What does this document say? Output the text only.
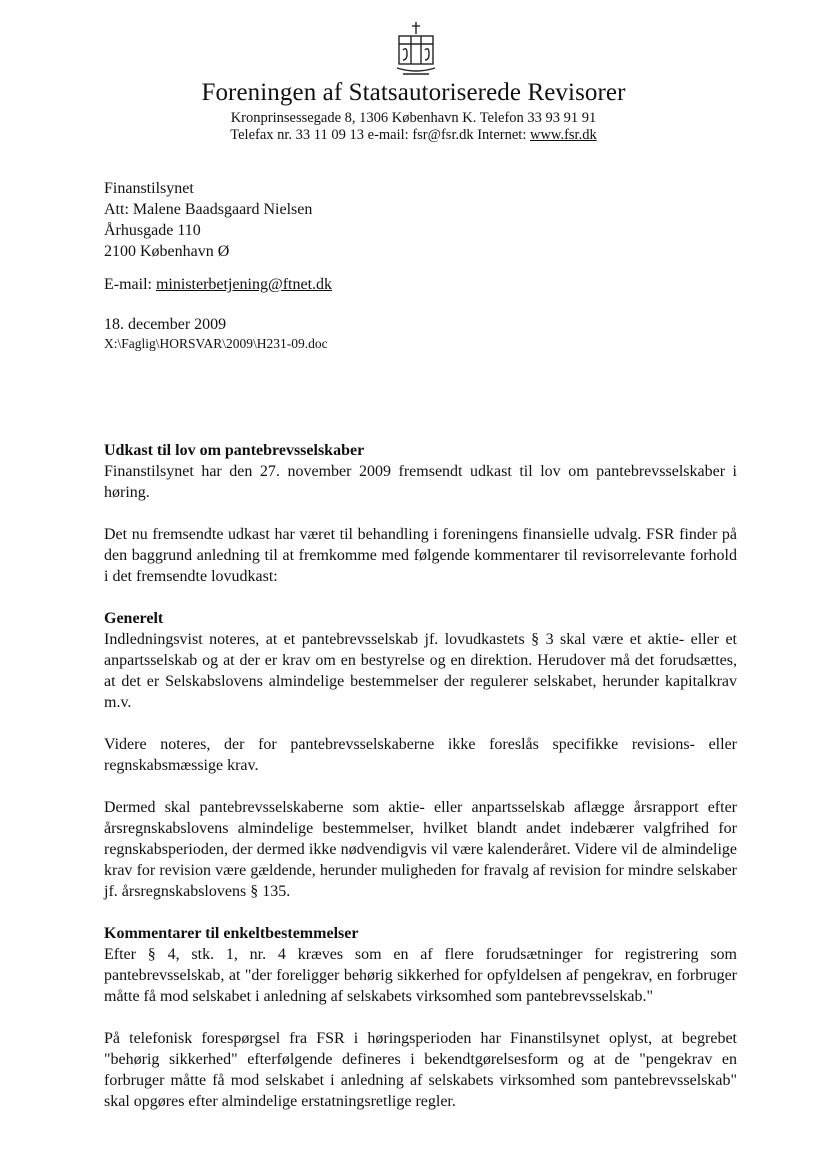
Foreningen af Statsautoriserede Revisorer
Kronprinsessegade 8, 1306 København K. Telefon 33 93 91 91
Telefax nr. 33 11 09 13 e-mail: fsr@fsr.dk Internet: www.fsr.dk
Finanstilsynet
Att: Malene Baadsgaard Nielsen
Århusgade 110
2100 København Ø
E-mail: ministerbetjening@ftnet.dk
18. december 2009
X:\Faglig\HORSVAR\2009\H231-09.doc
Udkast til lov om pantebrevsselskaber

Finanstilsynet har den 27. november 2009 fremsendt udkast til lov om pantebrevsselskaber i høring.

Det nu fremsendte udkast har været til behandling i foreningens finansielle udvalg. FSR finder på den baggrund anledning til at fremkomme med følgende kommentarer til revisorrelevante forhold i det fremsendte lovudkast:

Generelt

Indledningsvist noteres, at et pantebrevsselskab jf. lovudkastets § 3 skal være et aktie- eller et anpartsselskab og at der er krav om en bestyrelse og en direktion. Herudover må det forudsættes, at det er Selskabslovens almindelige bestemmelser der regulerer selskabet, herunder kapitalkrav m.v.

Videre noteres, der for pantebrevsselskaberne ikke foreslås specifikke revisions- eller regnskabsmæssige krav.

Dermed skal pantebrevsselskaberne som aktie- eller anpartsselskab aflægge årsrapport efter årsregnskabslovens almindelige bestemmelser, hvilket blandt andet indebærer valgfrihed for regnskabsperioden, der dermed ikke nødvendigvis vil være kalenderåret. Videre vil de almindelige krav for revision være gældende, herunder muligheden for fravalg af revision for mindre selskaber jf. årsregnskabslovens § 135.

Kommentarer til enkeltbestemmelser

Efter § 4, stk. 1, nr. 4 kræves som en af flere forudsætninger for registrering som pantebrevsselskab, at "der foreligger behørig sikkerhed for opfyldelsen af pengekrav, en forbruger måtte få mod selskabet i anledning af selskabets virksomhed som pantebrevsselskab."

På telefonisk forespørgsel fra FSR i høringsperioden har Finanstilsynet oplyst, at begrebet "behørig sikkerhed" efterfølgende defineres i bekendtgørelsesform og at de "pengekrav en forbruger måtte få mod selskabet i anledning af selskabets virksomhed som pantebrevsselskab" skal opgøres efter almindelige erstatningsretlige regler.
